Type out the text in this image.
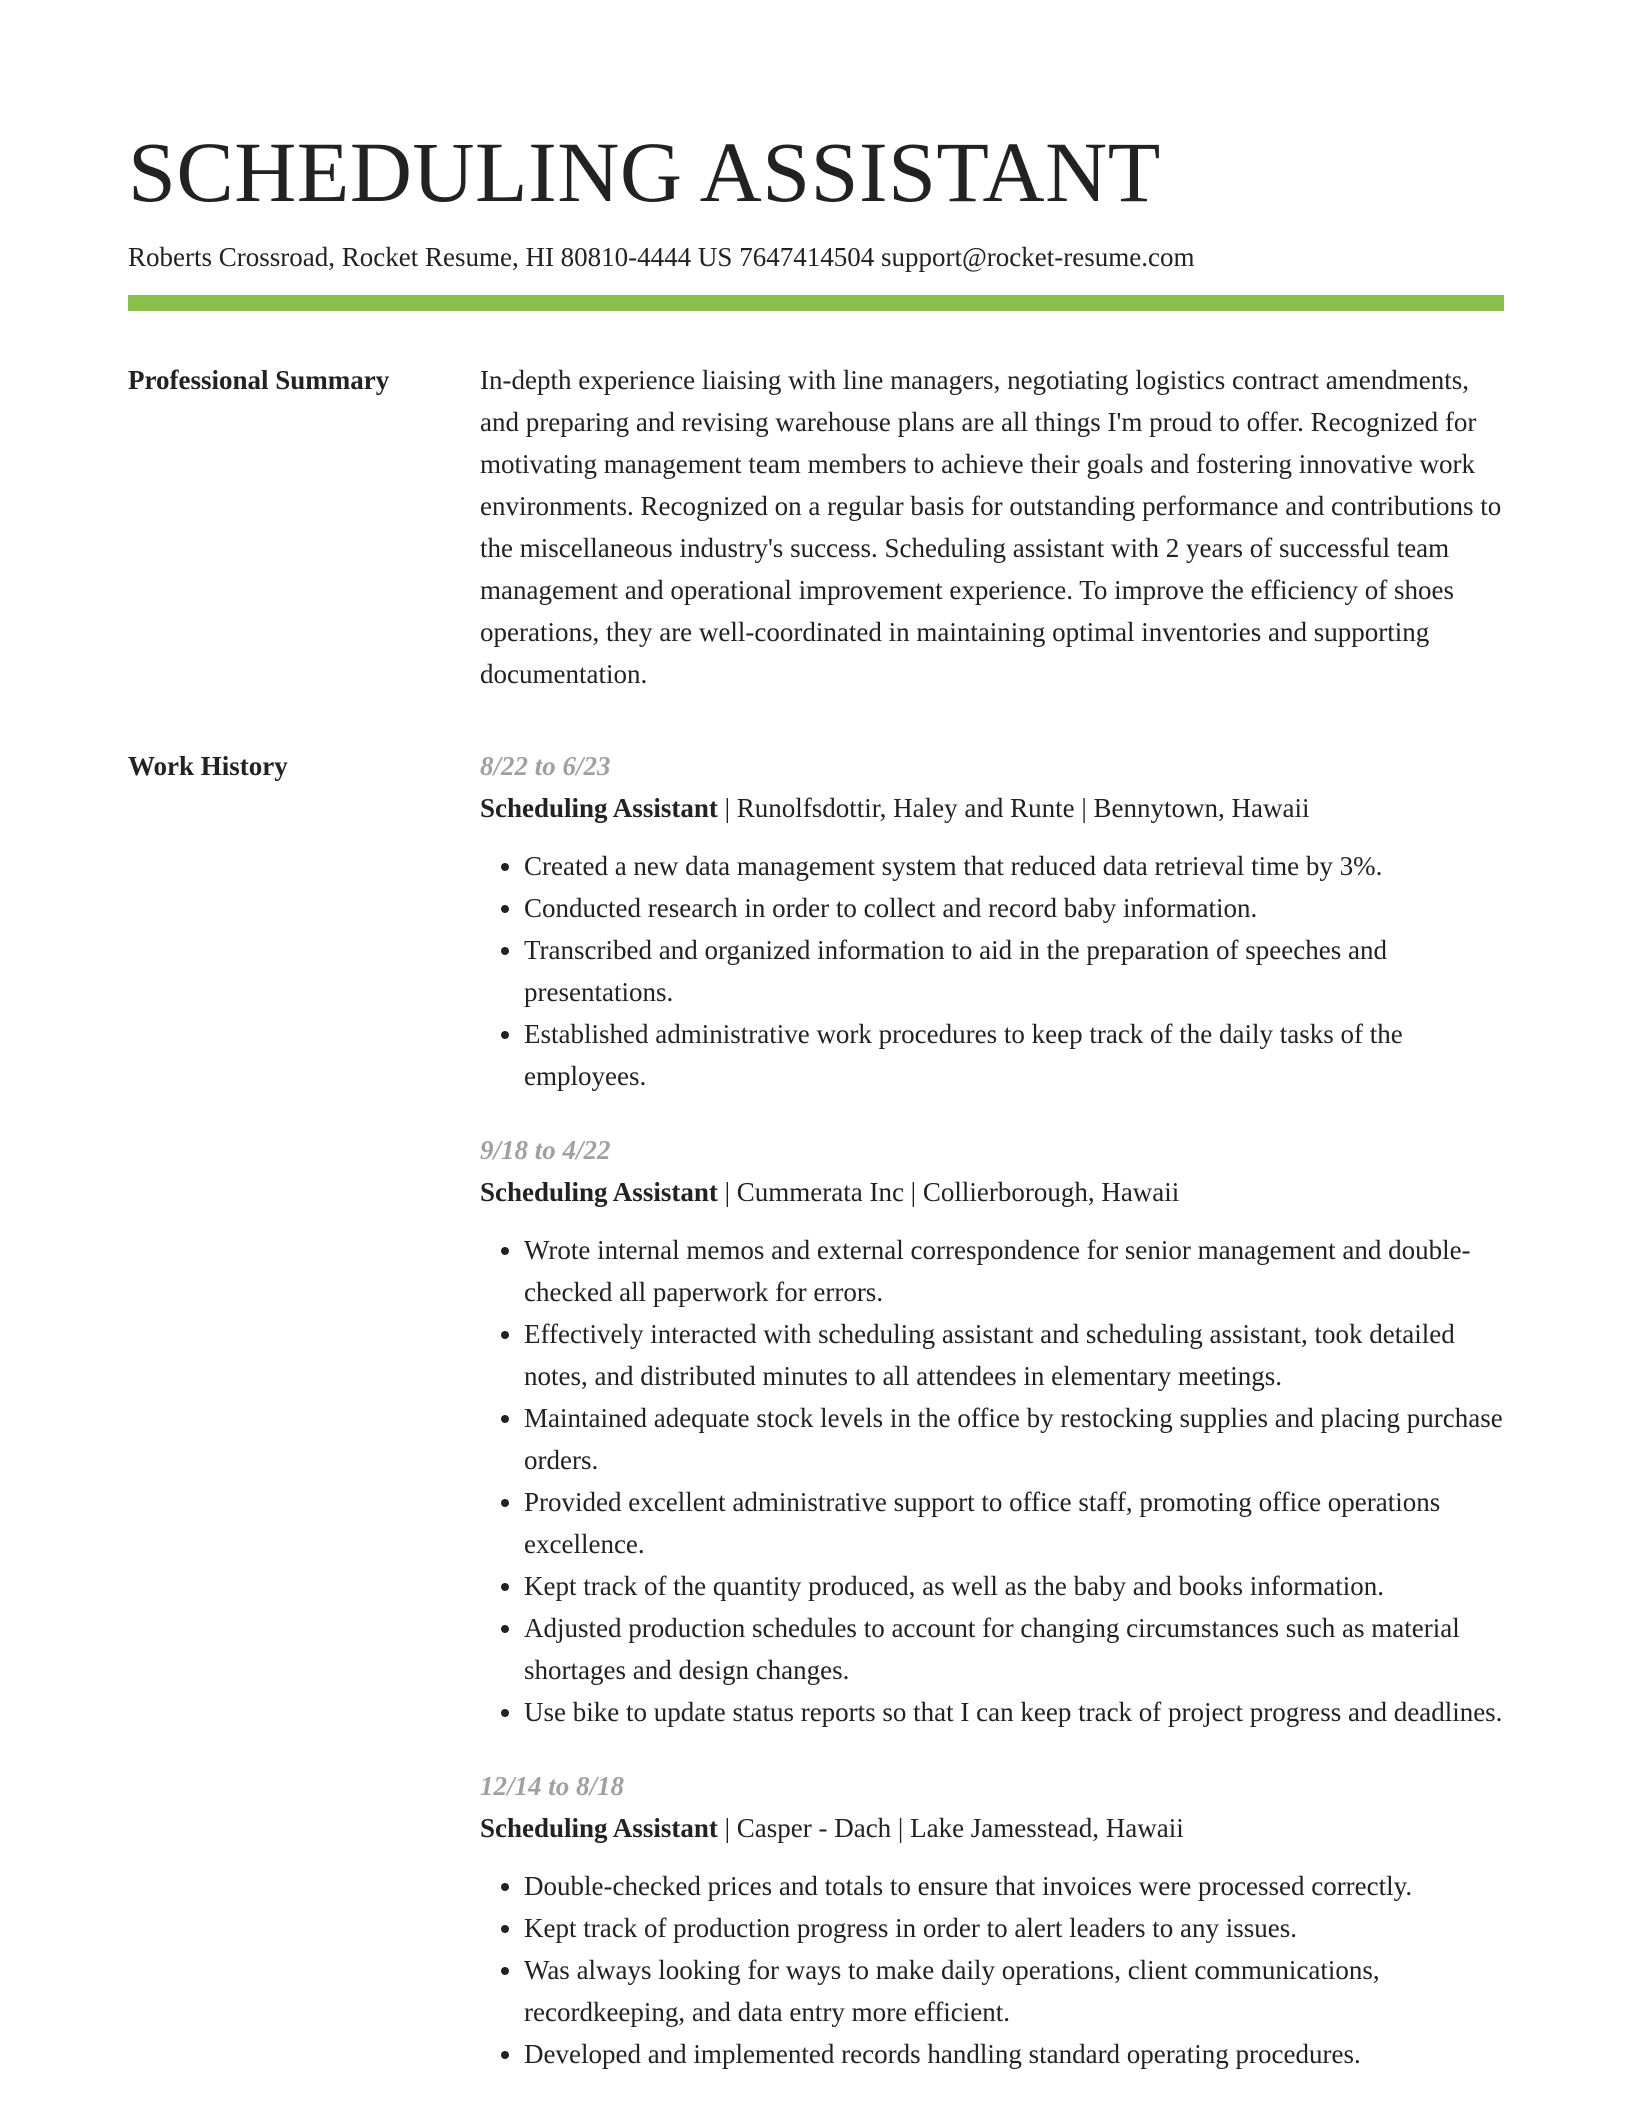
SCHEDULING ASSISTANT
Roberts Crossroad, Rocket Resume, HI 80810-4444 US 7647414504 support@rocket-resume.com
Professional Summary	In-depth experience liaising with line managers, negotiating logistics contract amendments, and preparing and revising warehouse plans are all things I'm proud to offer. Recognized for motivating management team members to achieve their goals and fostering innovative work environments. Recognized on a regular basis for outstanding performance and contributions to the miscellaneous industry's success. Scheduling assistant with 2 years of successful team management and operational improvement experience. To improve the efficiency of shoes operations, they are well-coordinated in maintaining optimal inventories and supporting documentation.

Work History	8/22 to 6/23
Scheduling Assistant | Runolfsdottir, Haley and Runte | Bennytown, Hawaii
• Created a new data management system that reduced data retrieval time by 3%.
• Conducted research in order to collect and record baby information.
• Transcribed and organized information to aid in the preparation of speeches and presentations.
• Established administrative work procedures to keep track of the daily tasks of the employees.
9/18 to 4/22
Scheduling Assistant | Cummerata Inc | Collierborough, Hawaii
• Wrote internal memos and external correspondence for senior management and double-checked all paperwork for errors.
• Effectively interacted with scheduling assistant and scheduling assistant, took detailed notes, and distributed minutes to all attendees in elementary meetings.
• Maintained adequate stock levels in the office by restocking supplies and placing purchase orders.
• Provided excellent administrative support to office staff, promoting office operations excellence.
• Kept track of the quantity produced, as well as the baby and books information.
• Adjusted production schedules to account for changing circumstances such as material shortages and design changes.
• Use bike to update status reports so that I can keep track of project progress and deadlines.
12/14 to 8/18
Scheduling Assistant | Casper - Dach | Lake Jamesstead, Hawaii
• Double-checked prices and totals to ensure that invoices were processed correctly.
• Kept track of production progress in order to alert leaders to any issues.
• Was always looking for ways to make daily operations, client communications, recordkeeping, and data entry more efficient.
• Developed and implemented records handling standard operating procedures.
